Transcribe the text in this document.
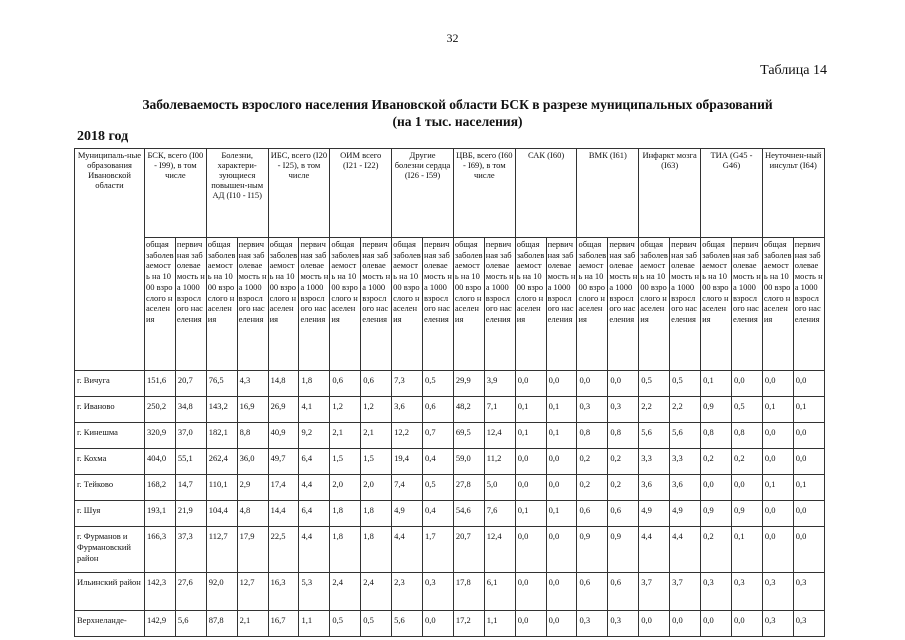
32
Таблица 14
Заболеваемость взрослого населения Ивановской области БСК в разрезе муниципальных образований
(на 1 тыс. населения)
2018 год
Муниципаль-ные образования Ивановской области	БСК, всего (I00 - I99), в том числе		Болезни, характери-зующиеся повышен-ным АД (I10 - I15)		ИБС, всего (I20 - I25), в том числе		ОИМ всего (I21 - I22)		Другие болезни сердца (I26 - I59)		ЦВБ, всего (I60 - I69), в том числе		САК (I60)		ВМК (I61)		Инфаркт мозга (I63)		ТИА (G45 - G46)		Неуточнен-ный инсульт (I64)	
	общая заболеваемость на 1000 взрослого населения	первичная заболеваемость на 1000 взрослого населения	общая заболеваемость на 1000 взрослого населения	первичная заболеваемость на 1000 взрослого населения	общая заболеваемость на 1000 взрослого населения	первичная заболеваемость на 1000 взрослого населения	общая заболеваемость на 1000 взрослого населения	первичная заболеваемость на 1000 взрослого населения	общая заболеваемость на 1000 взрослого населения	первичная заболеваемость на 1000 взрослого населения	общая заболеваемость на 1000 взрослого населения	первичная заболеваемость на 1000 взрослого населения	общая заболеваемость на 1000 взрослого населения	первичная заболеваемость на 1000 взрослого населения	общая заболеваемость на 1000 взрослого населения	первичная заболеваемость на 1000 взрослого населения	общая заболеваемость на 1000 взрослого населения	первичная заболеваемость на 1000 взрослого населения	общая заболеваемость на 1000 взрослого населения	первичная заболеваемость на 1000 взрослого населения	общая заболеваемость на 1000 взрослого населения	первичная заболеваемость на 1000 взрослого населения
г. Вичуга	151,6	20,7	76,5	4,3	14,8	1,8	0,6	0,6	7,3	0,5	29,9	3,9	0,0	0,0	0,0	0,0	0,5	0,5	0,1	0,0	0,0	0,0
г. Иваново	250,2	34,8	143,2	16,9	26,9	4,1	1,2	1,2	3,6	0,6	48,2	7,1	0,1	0,1	0,3	0,3	2,2	2,2	0,9	0,5	0,1	0,1
г. Кинешма	320,9	37,0	182,1	8,8	40,9	9,2	2,1	2,1	12,2	0,7	69,5	12,4	0,1	0,1	0,8	0,8	5,6	5,6	0,8	0,8	0,0	0,0
г. Кохма	404,0	55,1	262,4	36,0	49,7	6,4	1,5	1,5	19,4	0,4	59,0	11,2	0,0	0,0	0,2	0,2	3,3	3,3	0,2	0,2	0,0	0,0
г. Тейково	168,2	14,7	110,1	2,9	17,4	4,4	2,0	2,0	7,4	0,5	27,8	5,0	0,0	0,0	0,2	0,2	3,6	3,6	0,0	0,0	0,1	0,1
г. Шуя	193,1	21,9	104,4	4,8	14,4	6,4	1,8	1,8	4,9	0,4	54,6	7,6	0,1	0,1	0,6	0,6	4,9	4,9	0,9	0,9	0,0	0,0
г. Фурманов и Фурмановский район	166,3	37,3	112,7	17,9	22,5	4,4	1,8	1,8	4,4	1,7	20,7	12,4	0,0	0,0	0,9	0,9	4,4	4,4	0,2	0,1	0,0	0,0
Ильинский район	142,3	27,6	92,0	12,7	16,3	5,3	2,4	2,4	2,3	0,3	17,8	6,1	0,0	0,0	0,6	0,6	3,7	3,7	0,3	0,3	0,3	0,3
Верхнеланде-	142,9	5,6	87,8	2,1	16,7	1,1	0,5	0,5	5,6	0,0	17,2	1,1	0,0	0,0	0,3	0,3	0,0	0,0	0,0	0,0	0,3	0,3
